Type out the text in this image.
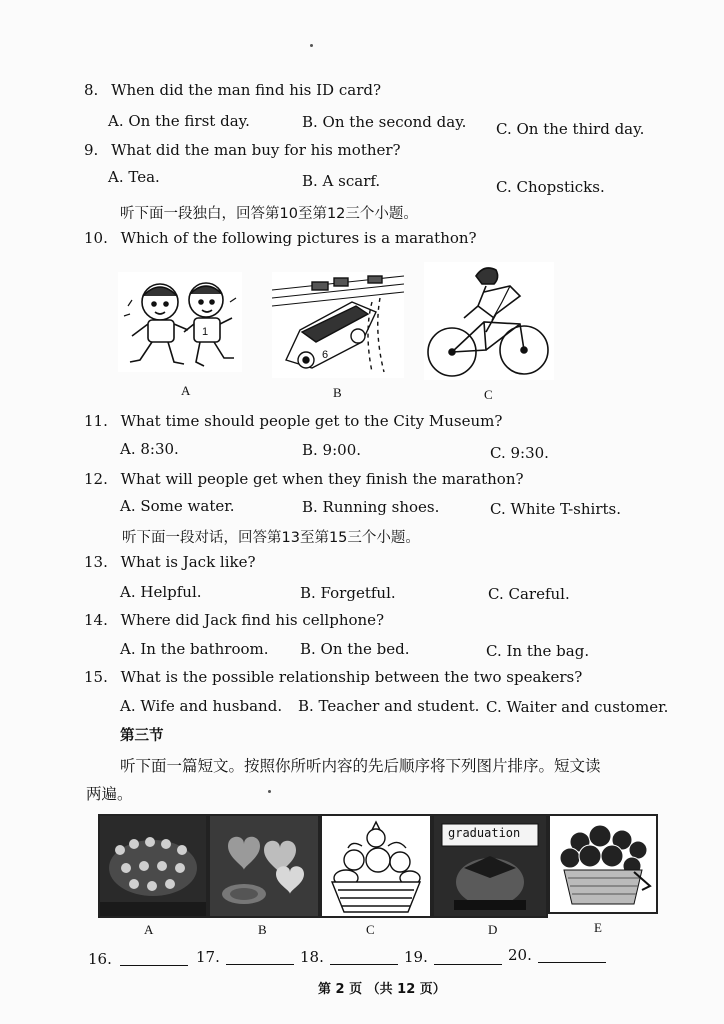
8. When did the man find his ID card?
A. On the first day.	B. On the second day. C. On the third day.
9. What did the man buy for his mother?
A. Tea.	B. A scarf.	C. Chopsticks.
听下面一段独白，回答第10至第12三个小题。
10. Which of the following pictures is a marathon?
1
A
6
B	C
11. What time should people get to the City Museum?
A. 8:30.	B. 9:00.	C. 9:30.
12. What will people get when they finish the marathon?
A. Some water.	B. Running shoes.	C. White T-shirts.
听下面一段对话，回答第13至第15三个小题。
13. What is Jack like?
A. Helpful.	B. Forgetful.	C. Careful.
14. Where did Jack find his cellphone?
A. In the bathroom. B. On the bed.	C. In the bag.
15. What is the possible relationship between the two speakers?
A. Wife and husband. B. Teacher and student. C. Waiter and customer.
第三节
听下面一篇短文。按照你所听内容的先后顺序将下列图片排序。短文读
两遍。
A	B	C
graduation
D	E
16.	17.	18.	19.	20.
第 2 页 （共 12 页）
